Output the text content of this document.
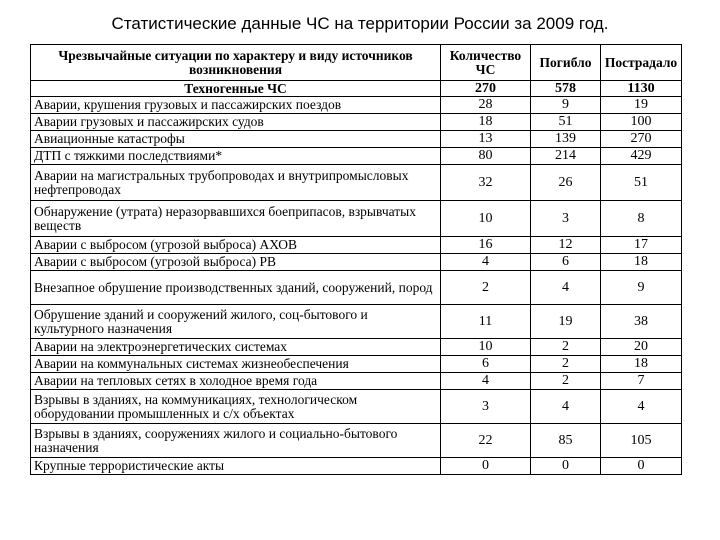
Статистические данные ЧС на территории России за 2009 год.
Чрезвычайные ситуации по характеру и виду источников возникновения	Количество ЧС	Погибло	Пострадало
Техногенные ЧС	270	578	1130
Аварии, крушения грузовых и пассажирских поездов	28	9	19
Аварии грузовых и пассажирских судов	18	51	100
Авиационные катастрофы	13	139	270
ДТП с тяжкими последствиями*	80	214	429
Аварии на магистральных трубопроводах и внутрипромысловых нефтепроводах	32	26	51
Обнаружение (утрата) неразорвавшихся боеприпасов, взрывчатых веществ	10	3	8
Аварии с выбросом (угрозой выброса) АХОВ	16	12	17
Аварии с выбросом (угрозой выброса) РВ	4	6	18
Внезапное обрушение производственных зданий, сооружений, пород	2	4	9
Обрушение зданий и сооружений жилого, соц-бытового и культурного назначения	11	19	38
Аварии на электроэнергетических системах	10	2	20
Аварии на коммунальных системах жизнеобеспечения	6	2	18
Аварии на тепловых сетях в холодное время года	4	2	7
Взрывы в зданиях, на коммуникациях, технологическом оборудовании промышленных и с/х объектах	3	4	4
Взрывы в зданиях, сооружениях жилого и социально-бытового назначения	22	85	105
Крупные террористические акты	0	0	0
